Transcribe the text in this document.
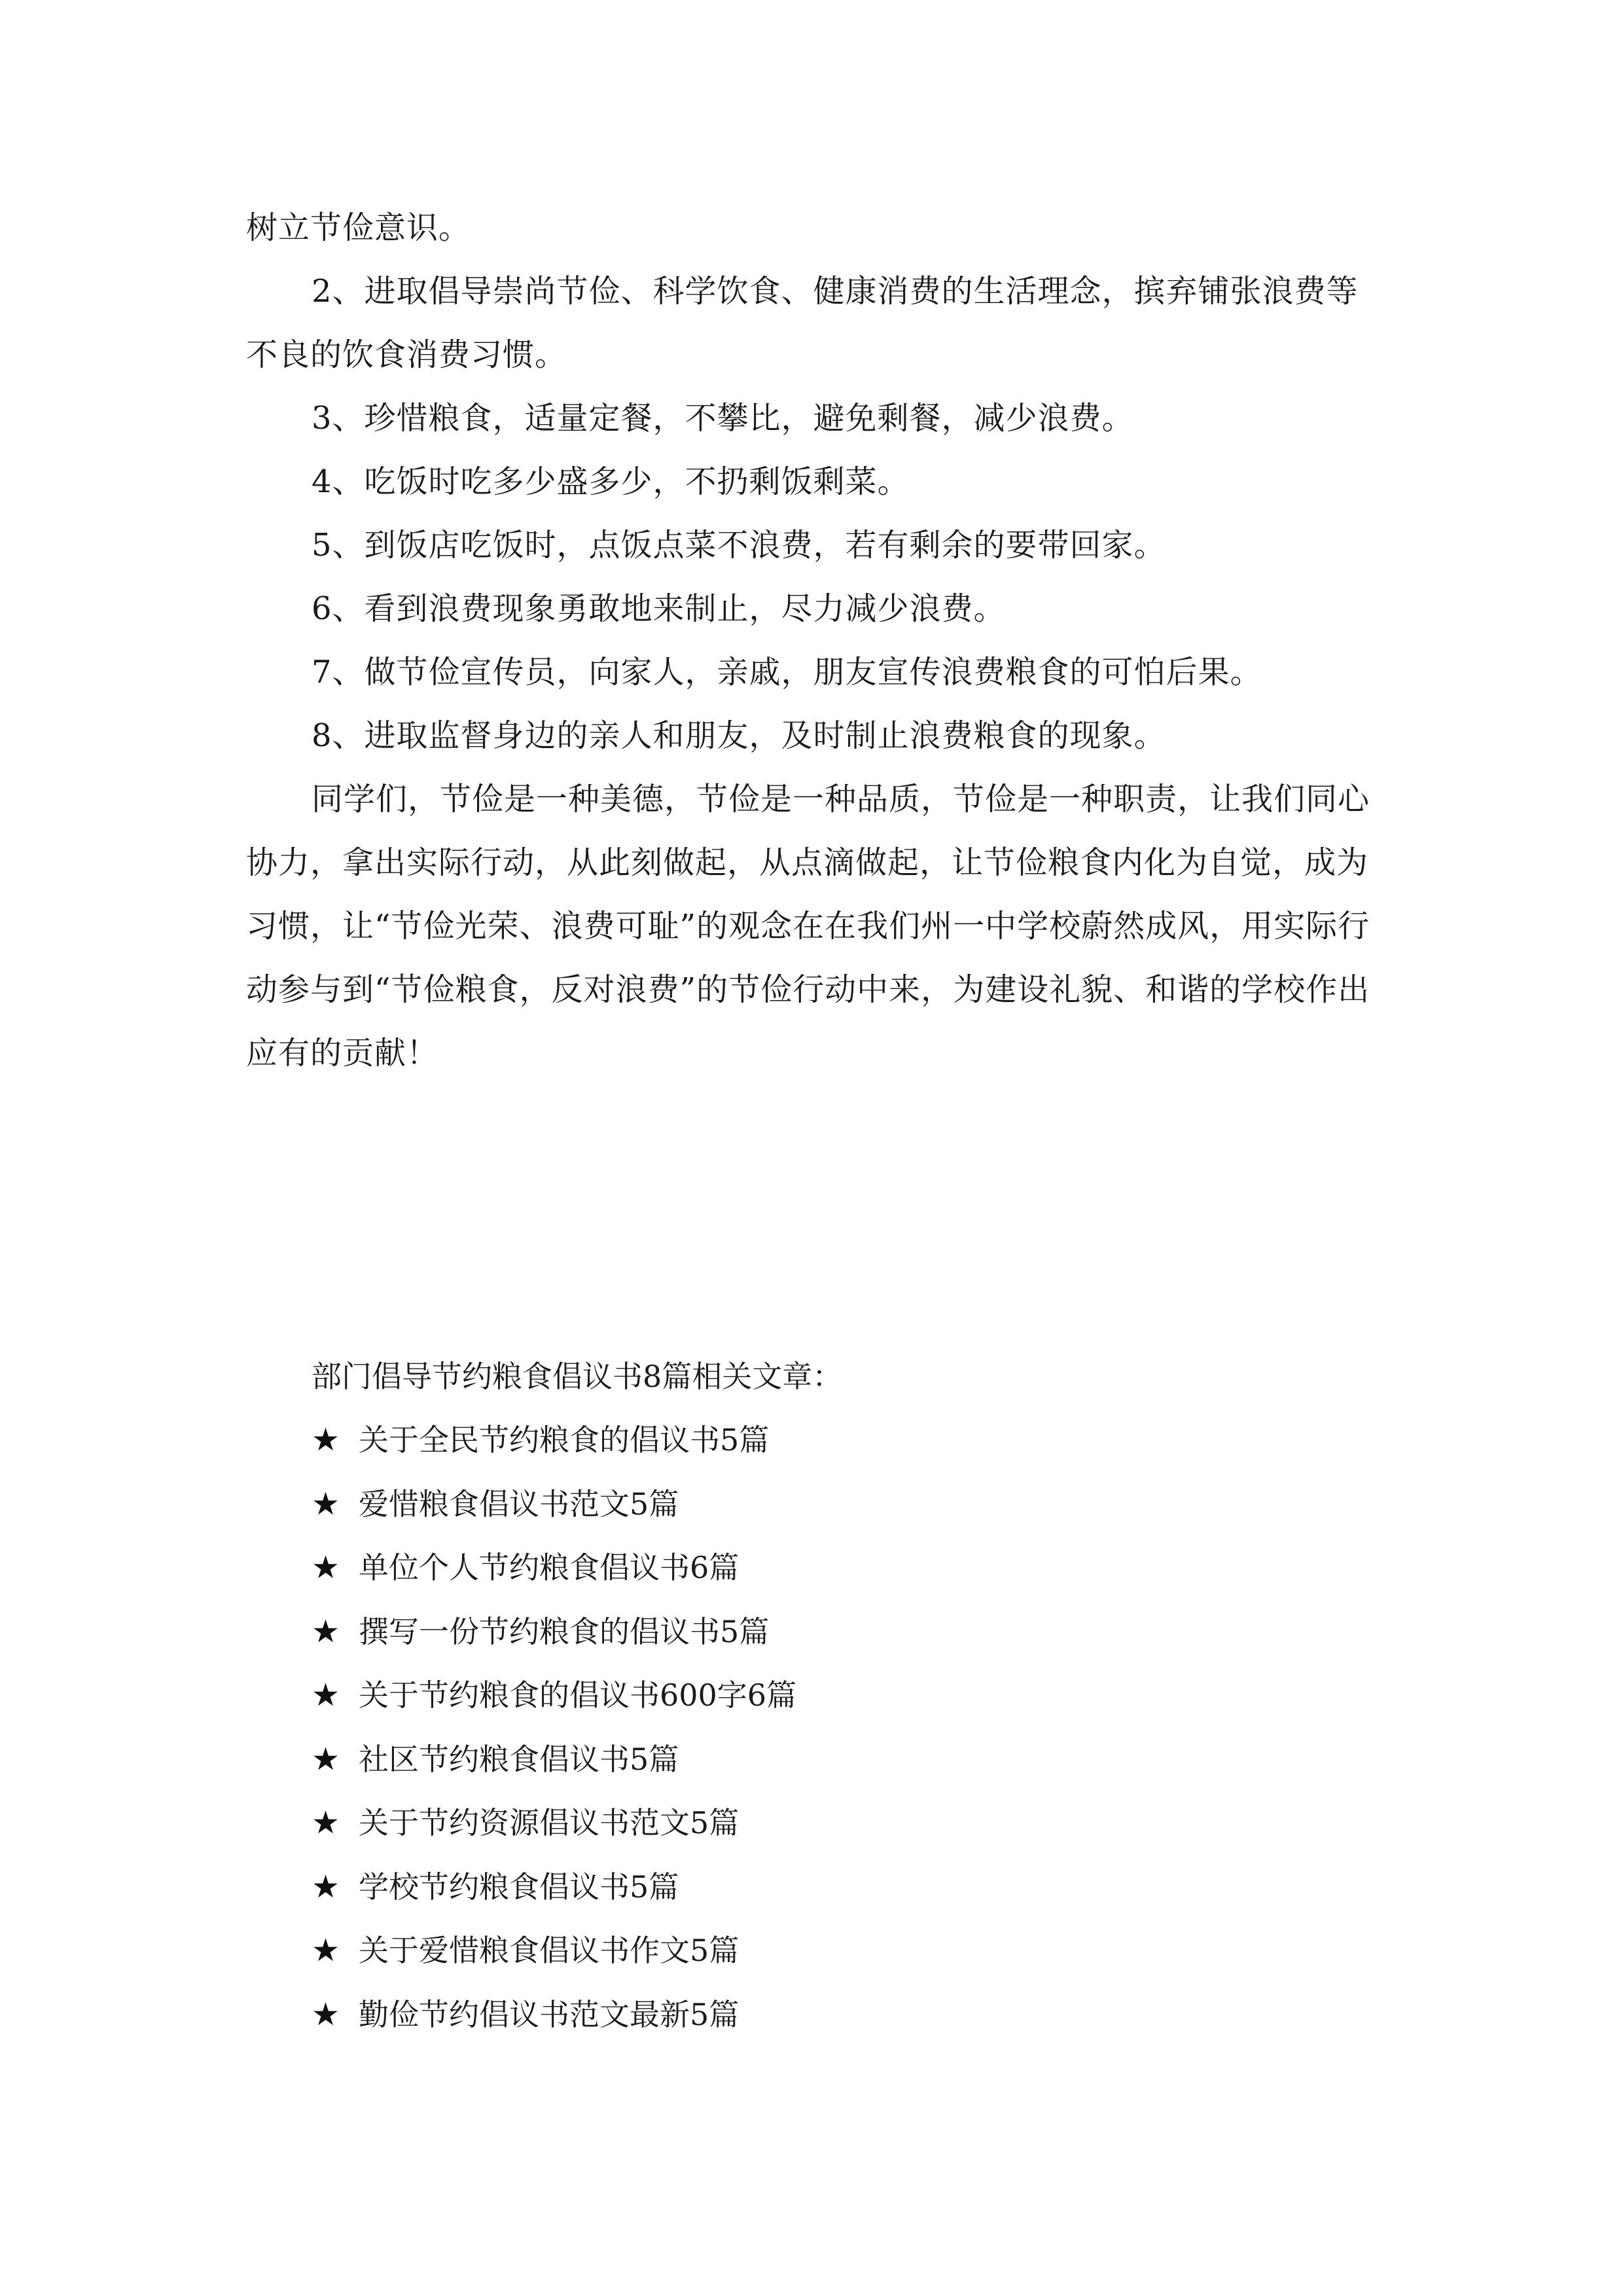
树立节俭意识。

2、进取倡导崇尚节俭、科学饮食、健康消费的生活理念，摈弃铺张浪费等不良的饮食消费习惯。

3、珍惜粮食，适量定餐，不攀比，避免剩餐，减少浪费。

4、吃饭时吃多少盛多少，不扔剩饭剩菜。

5、到饭店吃饭时，点饭点菜不浪费，若有剩余的要带回家。

6、看到浪费现象勇敢地来制止，尽力减少浪费。

7、做节俭宣传员，向家人，亲戚，朋友宣传浪费粮食的可怕后果。

8、进取监督身边的亲人和朋友，及时制止浪费粮食的现象。

同学们，节俭是一种美德，节俭是一种品质，节俭是一种职责，让我们同心协力，拿出实际行动，从此刻做起，从点滴做起，让节俭粮食内化为自觉，成为习惯，让“节俭光荣、浪费可耻”的观念在在我们州一中学校蔚然成风，用实际行动参与到“节俭粮食，反对浪费”的节俭行动中来，为建设礼貌、和谐的学校作出应有的贡献！

部门倡导节约粮食倡议书8篇相关文章：

★ 关于全民节约粮食的倡议书5篇
★ 爱惜粮食倡议书范文5篇
★ 单位个人节约粮食倡议书6篇
★ 撰写一份节约粮食的倡议书5篇
★ 关于节约粮食的倡议书600字6篇
★ 社区节约粮食倡议书5篇
★ 关于节约资源倡议书范文5篇
★ 学校节约粮食倡议书5篇
★ 关于爱惜粮食倡议书作文5篇
★ 勤俭节约倡议书范文最新5篇
